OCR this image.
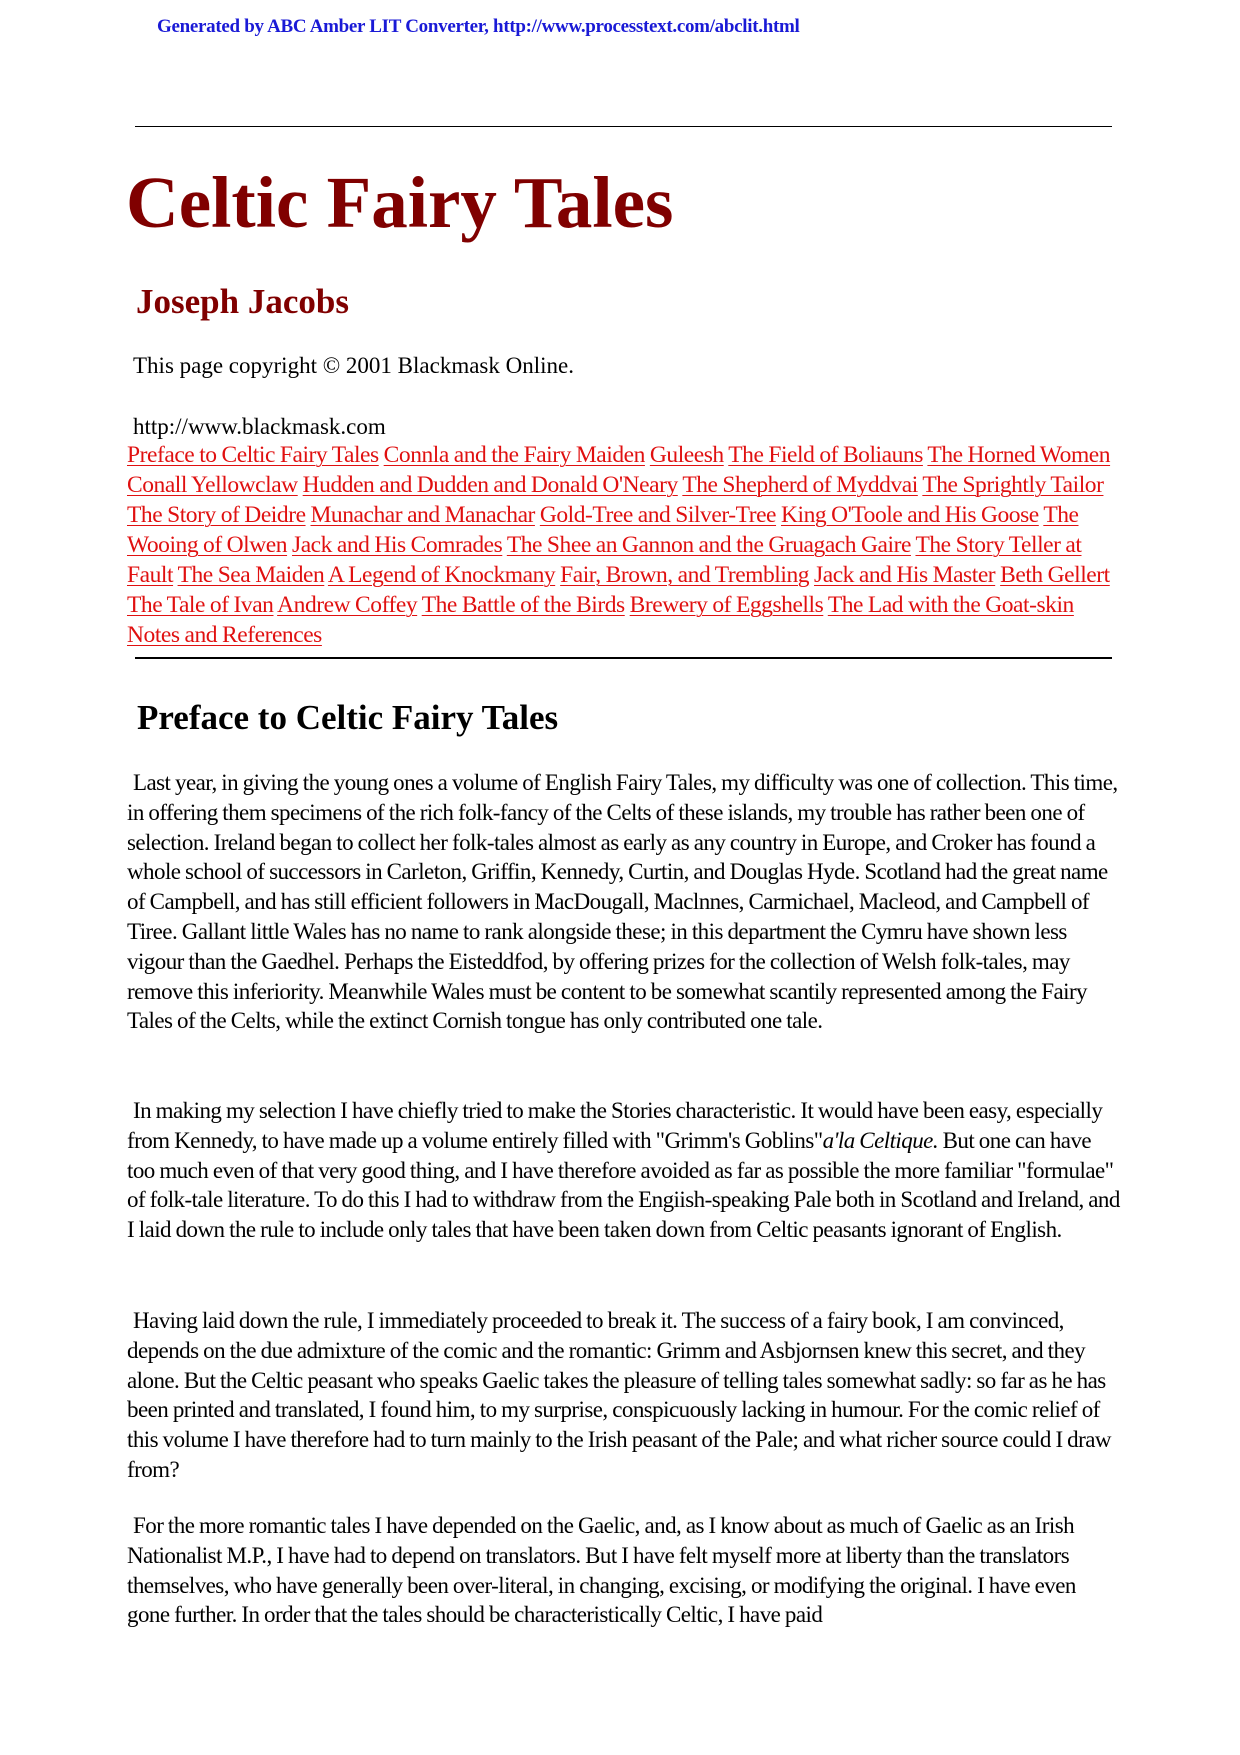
Generated by ABC Amber LIT Converter, http://www.processtext.com/abclit.html
Celtic Fairy Tales
Joseph Jacobs
This page copyright © 2001 Blackmask Online.
http://www.blackmask.com
Preface to Celtic Fairy Tales Connla and the Fairy Maiden Guleesh The Field of Boliauns The Horned Women Conall Yellowclaw Hudden and Dudden and Donald O'Neary The Shepherd of Myddvai The Sprightly Tailor The Story of Deidre Munachar and Manachar Gold-Tree and Silver-Tree King O'Toole and His Goose The Wooing of Olwen Jack and His Comrades The Shee an Gannon and the Gruagach Gaire The Story Teller at Fault The Sea Maiden A Legend of Knockmany Fair, Brown, and Trembling Jack and His Master Beth Gellert The Tale of Ivan Andrew Coffey The Battle of the Birds Brewery of Eggshells The Lad with the Goat-skin Notes and References
Preface to Celtic Fairy Tales

Last year, in giving the young ones a volume of English Fairy Tales, my difficulty was one of collection. This time, in offering them specimens of the rich folk-fancy of the Celts of these islands, my trouble has rather been one of selection. Ireland began to collect her folk-tales almost as early as any country in Europe, and Croker has found a whole school of successors in Carleton, Griffin, Kennedy, Curtin, and Douglas Hyde. Scotland had the great name of Campbell, and has still efficient followers in MacDougall, Maclnnes, Carmichael, Macleod, and Campbell of Tiree. Gallant little Wales has no name to rank alongside these; in this department the Cymru have shown less vigour than the Gaedhel. Perhaps the Eisteddfod, by offering prizes for the collection of Welsh folk-tales, may remove this inferiority. Meanwhile Wales must be content to be somewhat scantily represented among the Fairy Tales of the Celts, while the extinct Cornish tongue has only contributed one tale.

In making my selection I have chiefly tried to make the Stories characteristic. It would have been easy, especially from Kennedy, to have made up a volume entirely filled with "Grimm's Goblins"a'la Celtique. But one can have too much even of that very good thing, and I have therefore avoided as far as possible the more familiar "formulae" of folk-tale literature. To do this I had to withdraw from the Engiish-speaking Pale both in Scotland and Ireland, and I laid down the rule to include only tales that have been taken down from Celtic peasants ignorant of English.

Having laid down the rule, I immediately proceeded to break it. The success of a fairy book, I am convinced, depends on the due admixture of the comic and the romantic: Grimm and Asbjornsen knew this secret, and they alone. But the Celtic peasant who speaks Gaelic takes the pleasure of telling tales somewhat sadly: so far as he has been printed and translated, I found him, to my surprise, conspicuously lacking in humour. For the comic relief of this volume I have therefore had to turn mainly to the Irish peasant of the Pale; and what richer source could I draw from?

For the more romantic tales I have depended on the Gaelic, and, as I know about as much of Gaelic as an Irish Nationalist M.P., I have had to depend on translators. But I have felt myself more at liberty than the translators themselves, who have generally been over-literal, in changing, excising, or modifying the original. I have even gone further. In order that the tales should be characteristically Celtic, I have paid
